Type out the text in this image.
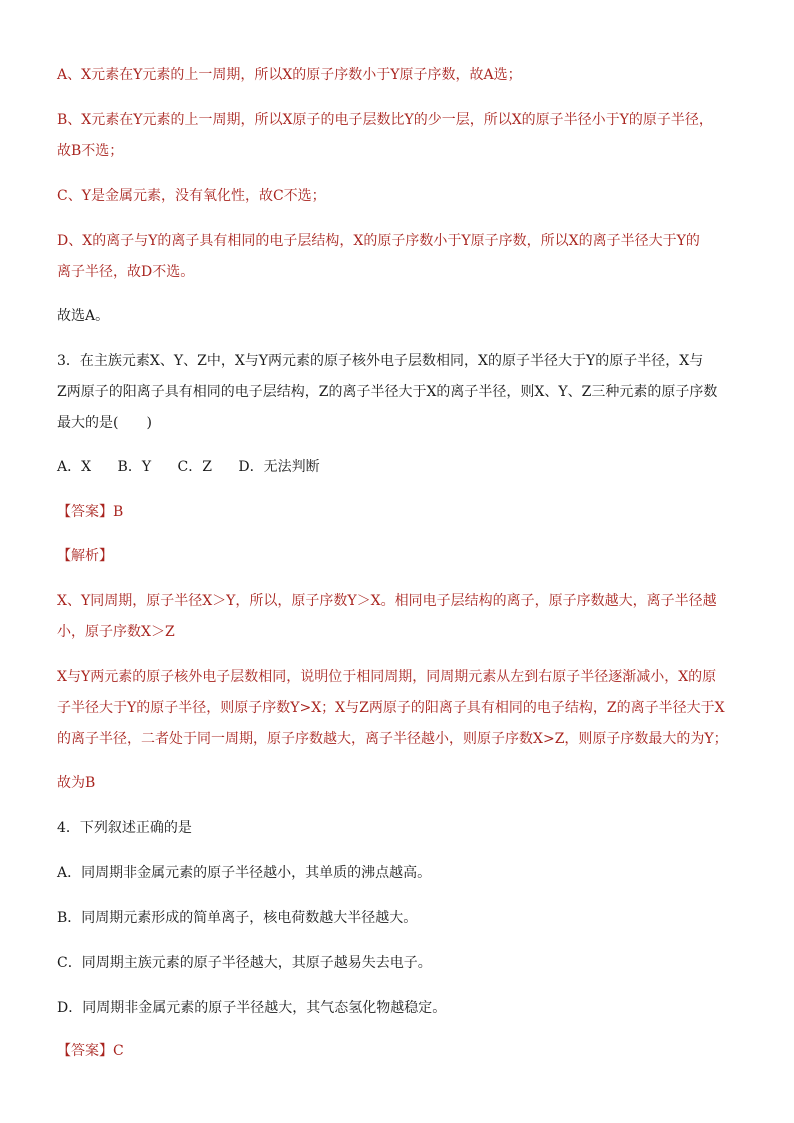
A、X元素在Y元素的上一周期，所以X的原子序数小于Y原子序数，故A选；

B、X元素在Y元素的上一周期，所以X原子的电子层数比Y的少一层，所以X的原子半径小于Y的原子半径，
故B不选；

C、Y是金属元素，没有氧化性，故C不选；

D、X的离子与Y的离子具有相同的电子层结构，X的原子序数小于Y原子序数，所以X的离子半径大于Y的
离子半径，故D不选。

故选A。

3．在主族元素X、Y、Z中，X与Y两元素的原子核外电子层数相同，X的原子半径大于Y的原子半径，X与
Z两原子的阳离子具有相同的电子层结构，Z的离子半径大于X的离子半径，则X、Y、Z三种元素的原子序数
最大的是(　　)

A．X B．Y C．Z D．无法判断

【答案】B

【解析】

X、Y同周期，原子半径X＞Y，所以，原子序数Y＞X。相同电子层结构的离子，原子序数越大，离子半径越
小，原子序数X＞Z

X与Y两元素的原子核外电子层数相同，说明位于相同周期，同周期元素从左到右原子半径逐渐减小，X的原
子半径大于Y的原子半径，则原子序数Y>X；X与Z两原子的阳离子具有相同的电子结构，Z的离子半径大于X
的离子半径，二者处于同一周期，原子序数越大，离子半径越小，则原子序数X>Z，则原子序数最大的为Y；

故为B

4．下列叙述正确的是

A．同周期非金属元素的原子半径越小，其单质的沸点越高。

B．同周期元素形成的简单离子，核电荷数越大半径越大。

C．同周期主族元素的原子半径越大，其原子越易失去电子。

D．同周期非金属元素的原子半径越大，其气态氢化物越稳定。

【答案】C
